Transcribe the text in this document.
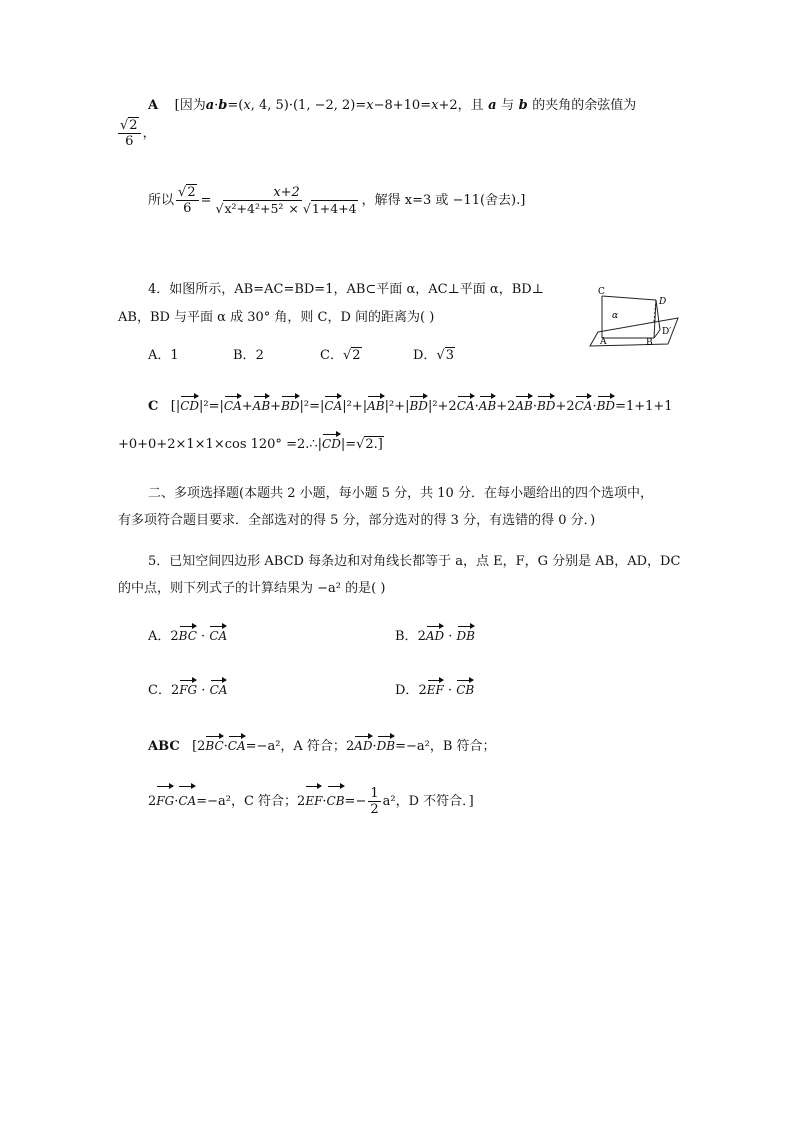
A [因为a·b=(x, 4, 5)·(1, −2, 2)=x−8+10=x+2，且 a 与 b 的夹角的余弦值为
$\frac{√2}{6}$ ，
所以 $\frac{√2}{6} = \frac{x+2}{\text{√x²+4²+5² × √1+4+4}}$ ，解得 x=3 或 −11(舍去).]
4．如图所示，AB=AC=BD=1，AB⊂平面 α，AC⊥平面 α，BD⊥
AB，BD 与平面 α 成 30° 角，则 C，D 间的距离为( )
A．1	B．2	C．√2	D．√3
C
D
α
A	B
D′
C   [|CD|²=|CA+AB+BD|²=|CA|²+|AB|²+|BD|²+2CA·AB+2AB·BD+2CA·BD=1+1+1
+0+0+2×1×1×cos 120° =2.∴|CD|=√2.]
二、多项选择题(本题共 2 小题，每小题 5 分，共 10 分．在每小题给出的四个选项中，
有多项符合题目要求．全部选对的得 5 分，部分选对的得 3 分，有选错的得 0 分．)
5．已知空间四边形 ABCD 每条边和对角线长都等于 a，点 E，F，G 分别是 AB，AD，DC
的中点，则下列式子的计算结果为 −a² 的是( )
A．2BC · CA	B．2AD · DB
C．2FG · CA	D．2EF · CB
ABC   [2BC·CA=−a²，A 符合；2AD·DB=−a²，B 符合；
2FG·CA=−a²，C 符合；$2EF\cdot CB=- \frac{1}{2} a^2$，D 不符合．]
